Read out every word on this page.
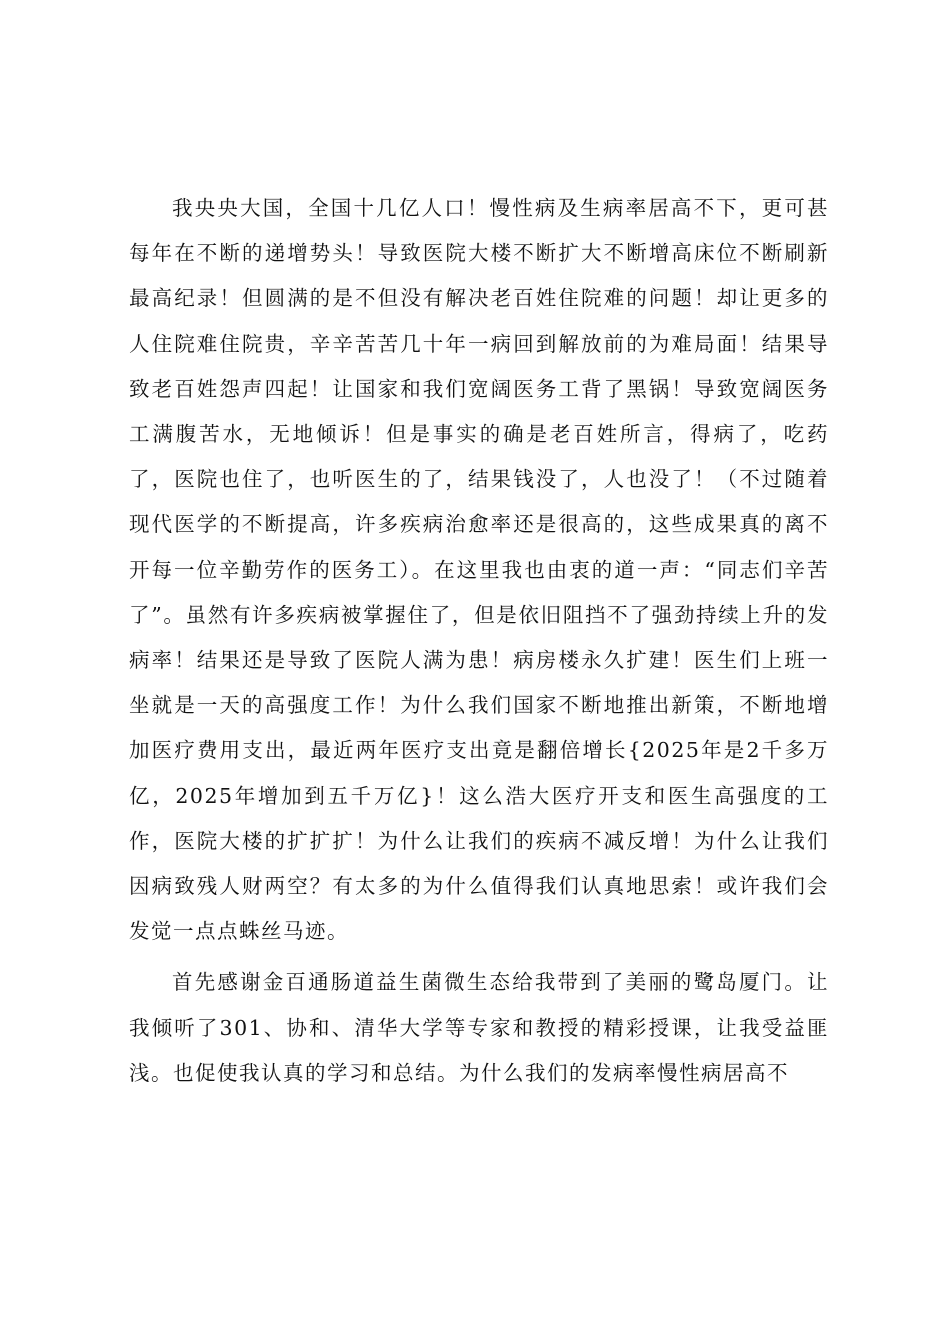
我央央大国，全国十几亿人口！慢性病及生病率居高不下，更可甚每年在不断的递增势头！导致医院大楼不断扩大不断增高床位不断刷新最高纪录！但圆满的是不但没有解决老百姓住院难的问题！却让更多的人住院难住院贵，辛辛苦苦几十年一病回到解放前的为难局面！结果导致老百姓怨声四起！让国家和我们宽阔医务工背了黑锅！导致宽阔医务工满腹苦水，无地倾诉！但是事实的确是老百姓所言，得病了，吃药了，医院也住了，也听医生的了，结果钱没了，人也没了！（不过随着现代医学的不断提高，许多疾病治愈率还是很高的，这些成果真的离不开每一位辛勤劳作的医务工）。在这里我也由衷的道一声：“同志们辛苦了”。虽然有许多疾病被掌握住了，但是依旧阻挡不了强劲持续上升的发病率！结果还是导致了医院人满为患！病房楼永久扩建！医生们上班一坐就是一天的高强度工作！为什么我们国家不断地推出新策，不断地增加医疗费用支出，最近两年医疗支出竟是翻倍增长{2025年是2千多万亿，2025年增加到五千万亿}！这么浩大医疗开支和医生高强度的工作，医院大楼的扩扩扩！为什么让我们的疾病不减反增！为什么让我们因病致残人财两空？有太多的为什么值得我们认真地思索！或许我们会发觉一点点蛛丝马迹。

首先感谢金百通肠道益生菌微生态给我带到了美丽的鹭岛厦门。让我倾听了301、协和、清华大学等专家和教授的精彩授课，让我受益匪浅。也促使我认真的学习和总结。为什么我们的发病率慢性病居高不
